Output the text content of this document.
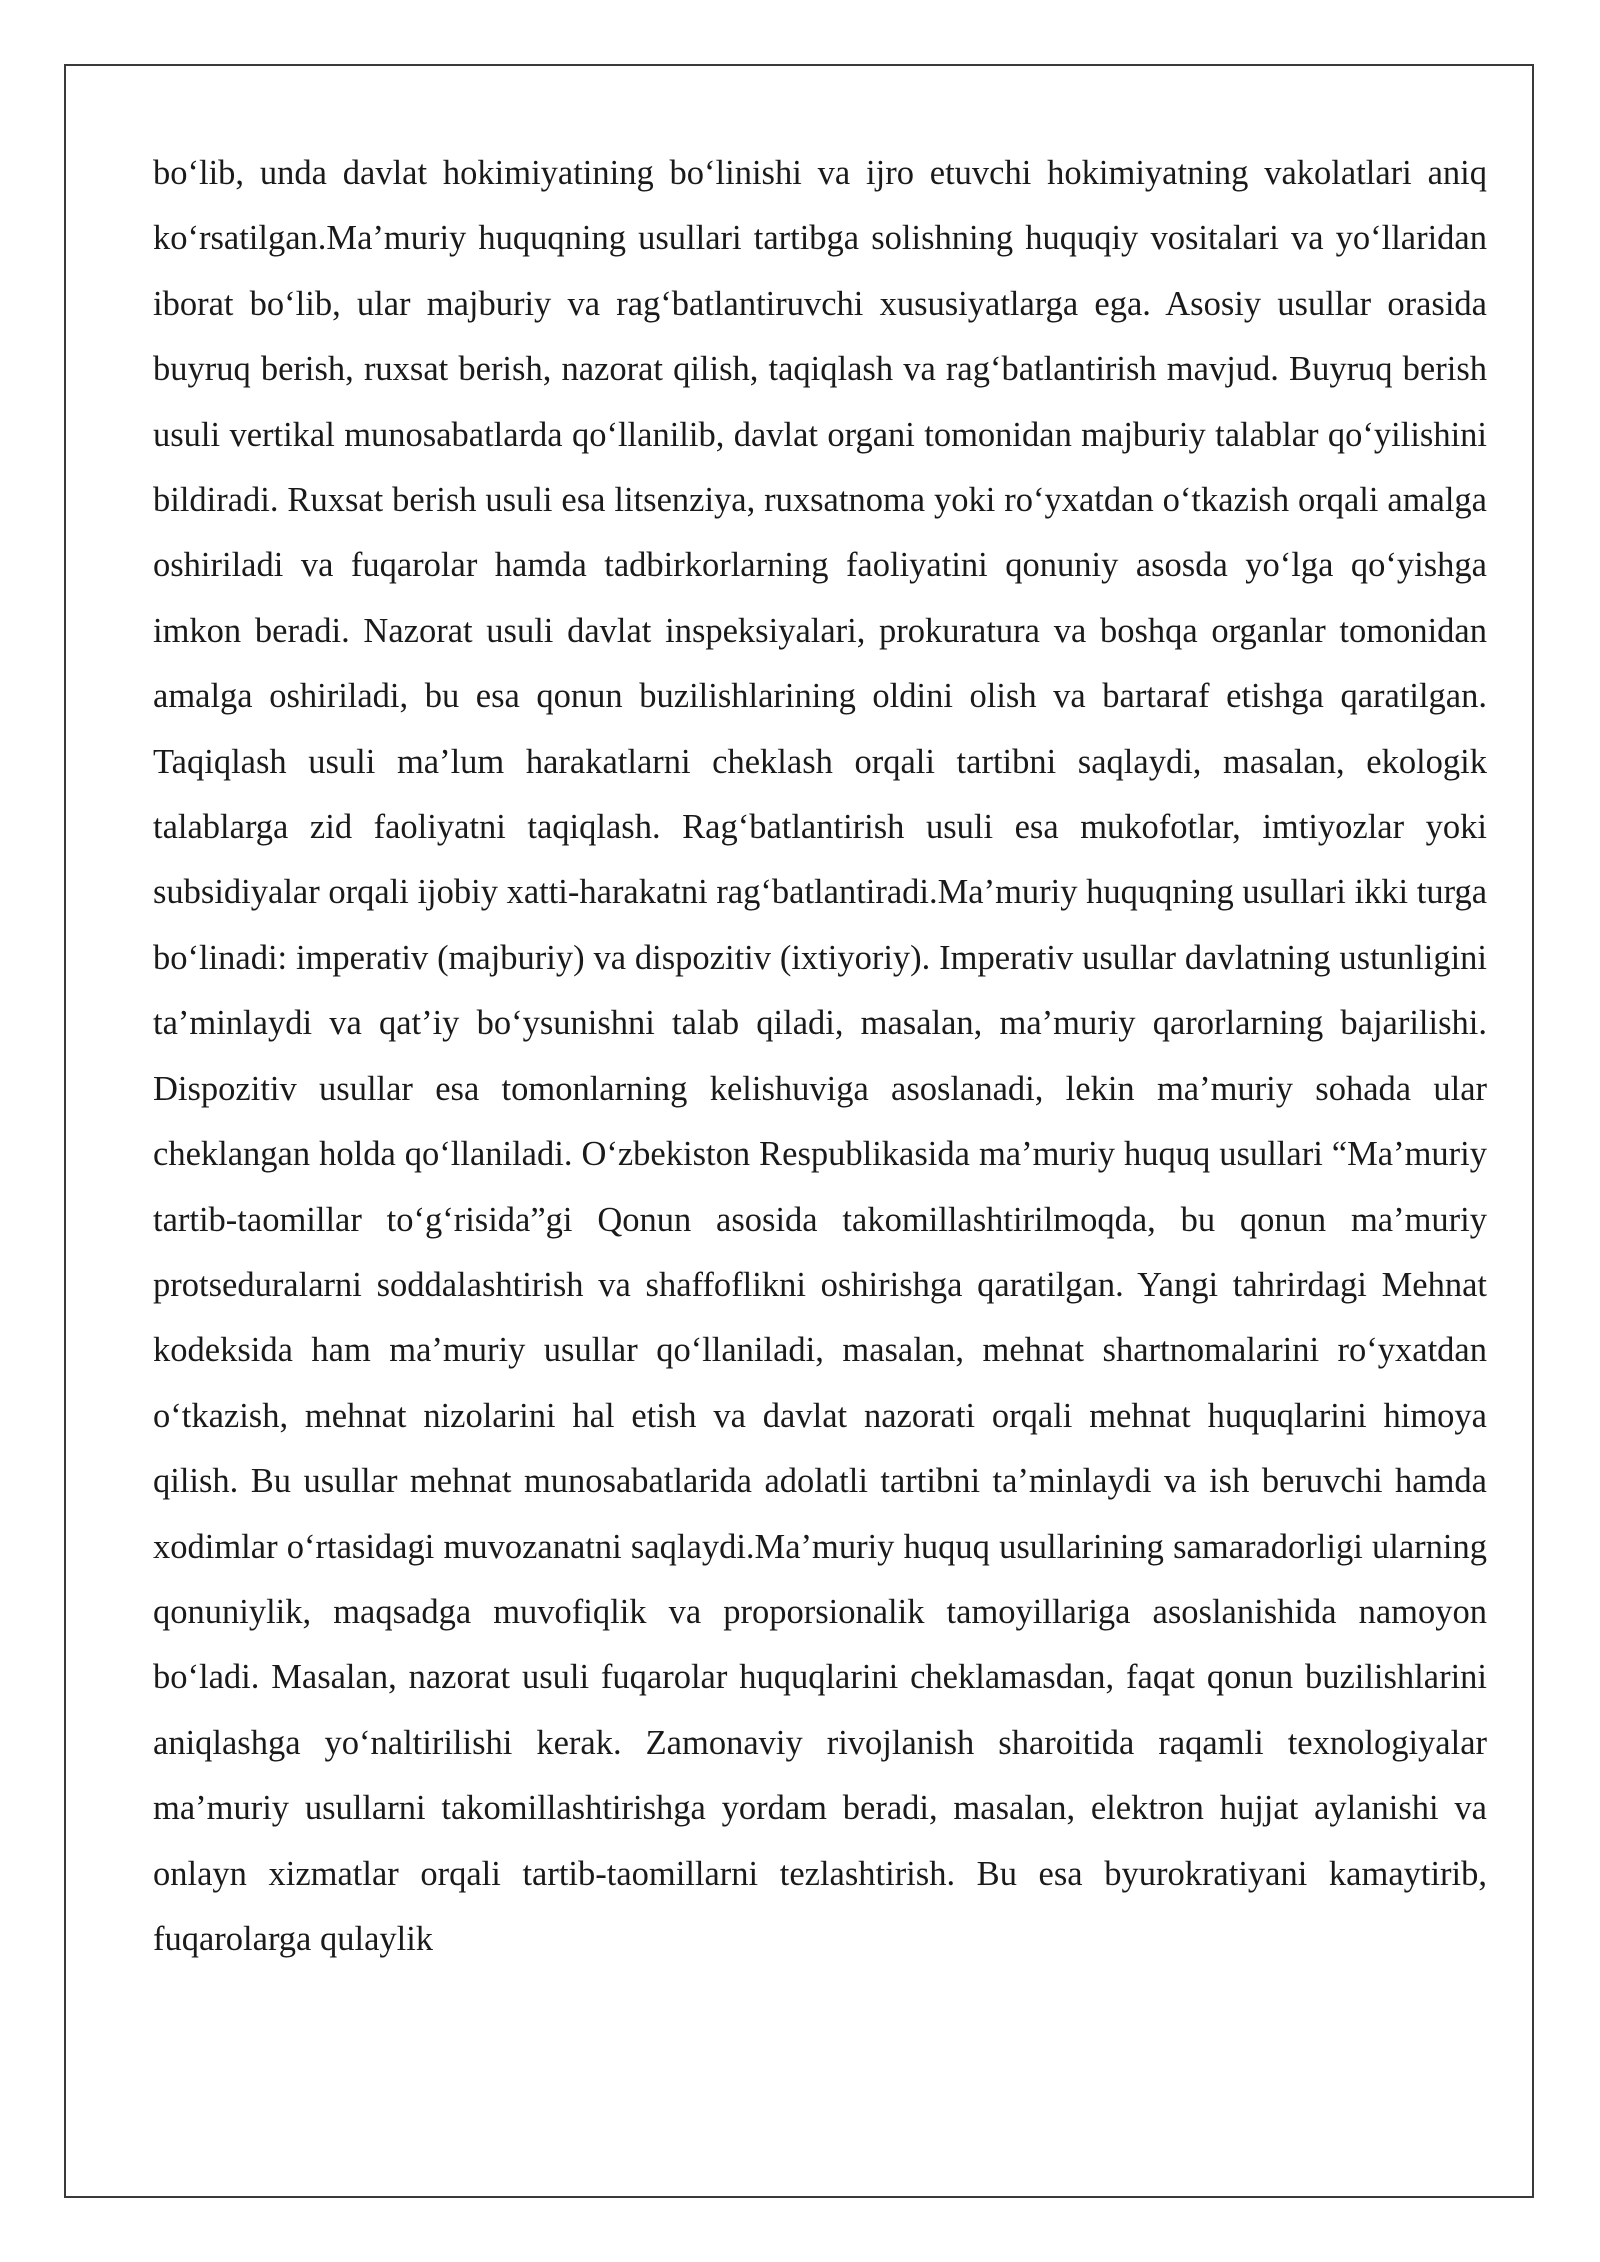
bo‘lib, unda davlat hokimiyatining bo‘linishi va ijro etuvchi hokimiyatning vakolatlari aniq ko‘rsatilgan.Ma’muriy huquqning usullari tartibga solishning huquqiy vositalari va yo‘llaridan iborat bo‘lib, ular majburiy va rag‘batlantiruvchi xususiyatlarga ega. Asosiy usullar orasida buyruq berish, ruxsat berish, nazorat qilish, taqiqlash va rag‘batlantirish mavjud. Buyruq berish usuli vertikal munosabatlarda qo‘llanilib, davlat organi tomonidan majburiy talablar qo‘yilishini bildiradi. Ruxsat berish usuli esa litsenziya, ruxsatnoma yoki ro‘yxatdan o‘tkazish orqali amalga oshiriladi va fuqarolar hamda tadbirkorlarning faoliyatini qonuniy asosda yo‘lga qo‘yishga imkon beradi. Nazorat usuli davlat inspeksiyalari, prokuratura va boshqa organlar tomonidan amalga oshiriladi, bu esa qonun buzilishlarining oldini olish va bartaraf etishga qaratilgan. Taqiqlash usuli ma’lum harakatlarni cheklash orqali tartibni saqlaydi, masalan, ekologik talablarga zid faoliyatni taqiqlash. Rag‘batlantirish usuli esa mukofotlar, imtiyozlar yoki subsidiyalar orqali ijobiy xatti-harakatni rag‘batlantiradi.Ma’muriy huquqning usullari ikki turga bo‘linadi: imperativ (majburiy) va dispozitiv (ixtiyoriy). Imperativ usullar davlatning ustunligini ta’minlaydi va qat’iy bo‘ysunishni talab qiladi, masalan, ma’muriy qarorlarning bajarilishi. Dispozitiv usullar esa tomonlarning kelishuviga asoslanadi, lekin ma’muriy sohada ular cheklangan holda qo‘llaniladi. O‘zbekiston Respublikasida ma’muriy huquq usullari “Ma’muriy tartib-taomillar to‘g‘risida”gi Qonun asosida takomillashtirilmoqda, bu qonun ma’muriy protseduralarni soddalashtirish va shaffoflikni oshirishga qaratilgan. Yangi tahrirdagi Mehnat kodeksida ham ma’muriy usullar qo‘llaniladi, masalan, mehnat shartnomalarini ro‘yxatdan o‘tkazish, mehnat nizolarini hal etish va davlat nazorati orqali mehnat huquqlarini himoya qilish. Bu usullar mehnat munosabatlarida adolatli tartibni ta’minlaydi va ish beruvchi hamda xodimlar o‘rtasidagi muvozanatni saqlaydi.Ma’muriy huquq usullarining samaradorligi ularning qonuniylik, maqsadga muvofiqlik va proporsionalik tamoyillariga asoslanishida namoyon bo‘ladi. Masalan, nazorat usuli fuqarolar huquqlarini cheklamasdan, faqat qonun buzilishlarini aniqlashga yo‘naltirilishi kerak. Zamonaviy rivojlanish sharoitida raqamli texnologiyalar ma’muriy usullarni takomillashtirishga yordam beradi, masalan, elektron hujjat aylanishi va onlayn xizmatlar orqali tartib-taomillarni tezlashtirish. Bu esa byurokratiyani kamaytirib, fuqarolarga qulaylik
